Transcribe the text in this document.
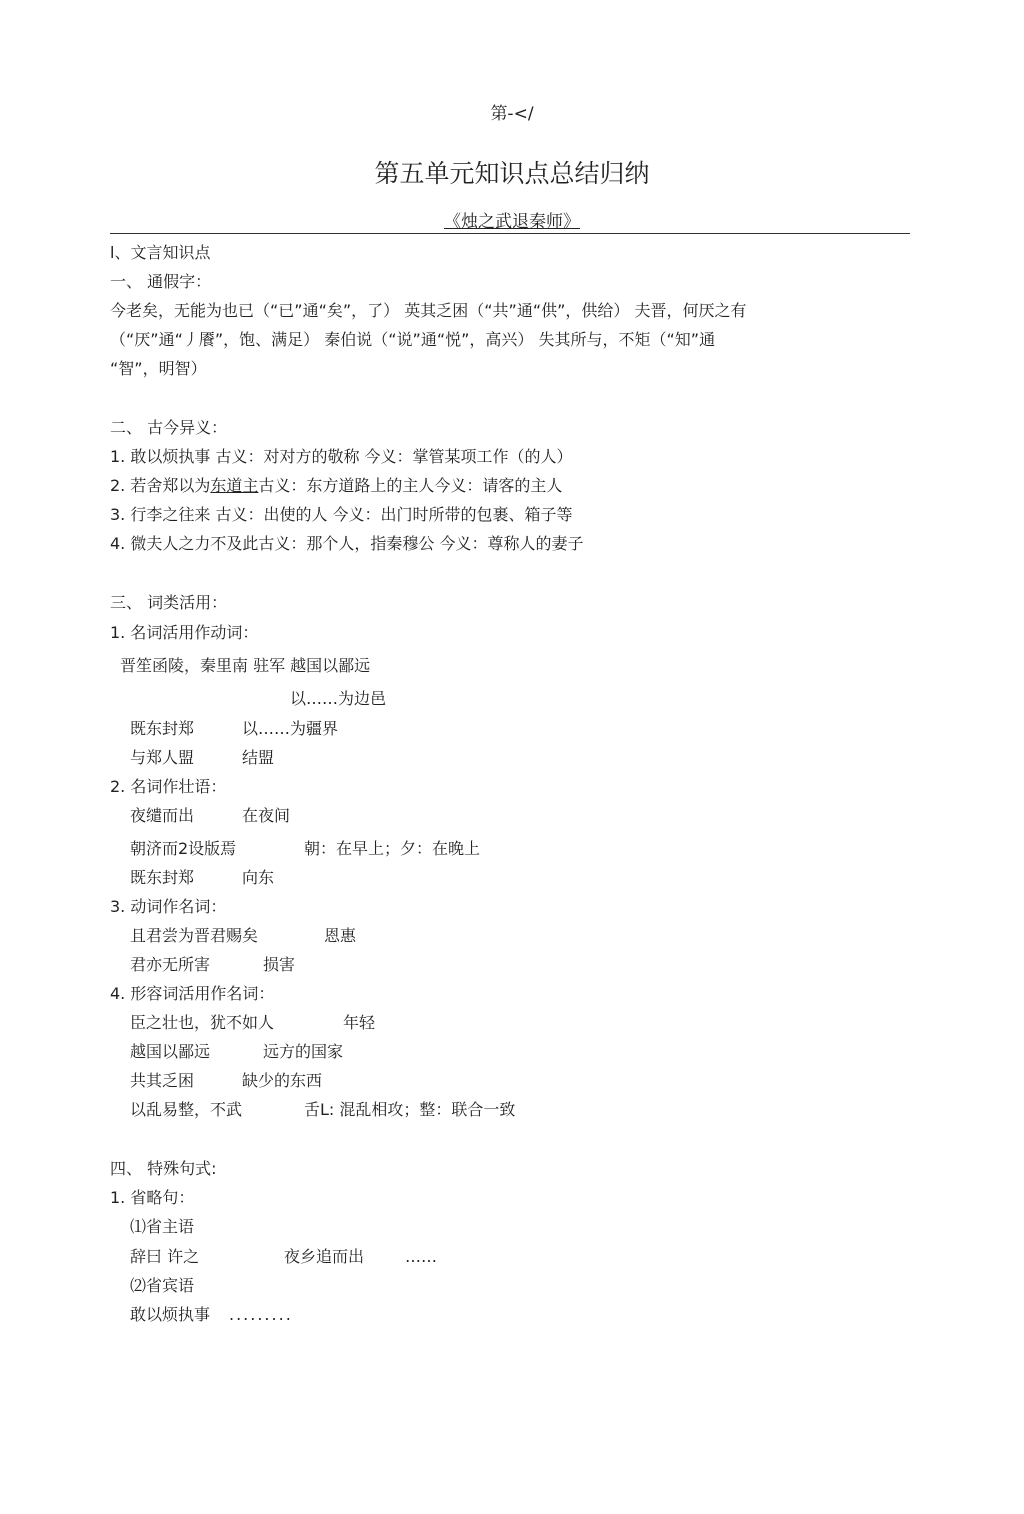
第-</
第五单元知识点总结归纳
《烛之武退秦师》
l、文言知识点
一、 通假字：
今老矣，无能为也已（“已”通“矣”，了） 英其乏困（“共”通“供”，供给） 夫晋，何厌之有
（“厌”通“丿餍”，饱、满足） 秦伯说（“说”通“悦”，高兴） 失其所与，不矩（“知”通
“智”，明智）
二、 古今异义：
1. 敢以烦执事 古义：对对方的敬称 今义：掌管某项工作（的人）
2. 若舍郑以为东道主古义：东方道路上的主人今义：请客的主人
3. 行李之往来 古义：出使的人 今义：出门时所带的包裹、箱子等
4. 微夫人之力不及此古义：那个人，指秦穆公 今义：尊称人的妻子
三、 词类活用：
1. 名词活用作动词：
晋笙函陵，秦里南 驻军 越国以鄙远
以……为边邑
既东封郑	以……为疆界
与郑人盟	结盟
2. 名词作壮语：
夜缱而出	在夜间
朝济而2设版焉	朝：在早上；夕：在晚上
既东封郑	向东
3. 动词作名词：
且君尝为晋君赐矣	恩惠
君亦无所害	损害
4. 形容词活用作名词：
臣之壮也，犹不如人	年轻
越国以鄙远	远方的国家
共其乏困	缺少的东西
以乱易整，不武	舌L: 混乱相攻；整：联合一致
四、 特殊句式:
1. 省略句：
⑴省主语
辞曰 许之	夜乡追而出	……
⑵省宾语
敢以烦执事 .........
